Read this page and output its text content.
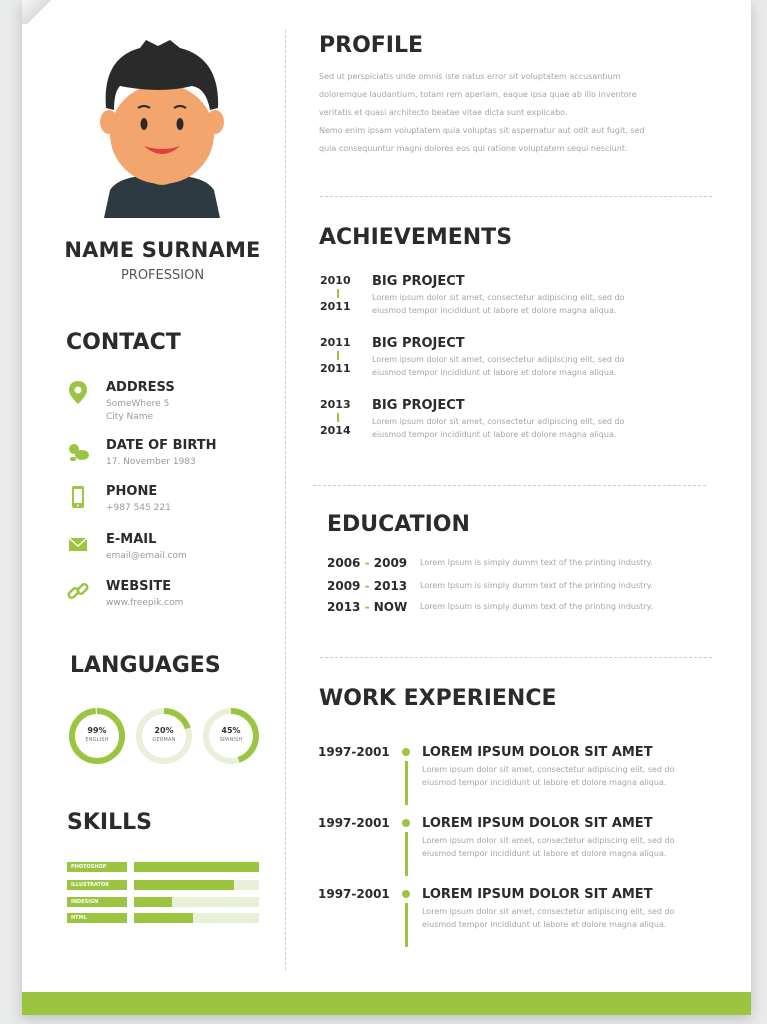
NAME SURNAME
PROFESSION
CONTACT
ADDRESS
SomeWhere 5
City Name
DATE OF BIRTH
17. November 1983
PHONE
+987 545 221
E-MAIL
email@email.com
WEBSITE
www.freepik.com
LANGUAGES
99%
ENGLISH
20%
GERMAN
45%
SPANISH
SKILLS
PHOTOSHOP
ILLUSTRATOR
INDESIGN
HTML
PROFILE
Sed ut perspiciatis unde omnis iste natus error sit voluptatem accusantium
doloremque laudantium, totam rem aperiam, eaque ipsa quae ab illo inventore
veritatis et quasi architecto beatae vitae dicta sunt explicabo.
Nemo enim ipsam voluptatem quia voluptas sit aspernatur aut odit aut fugit, sed
quia consequuntur magni dolores eos qui ratione voluptatem sequi nesciunt.
ACHIEVEMENTS
2010
2011
BIG PROJECT
Lorem ipsum dolor sit amet, consectetur adipiscing elit, sed do
eiusmod tempor incididunt ut labore et dolore magna aliqua.
2011
2011
BIG PROJECT
Lorem ipsum dolor sit amet, consectetur adipiscing elit, sed do
eiusmod tempor incididunt ut labore et dolore magna aliqua.
2013
2014
BIG PROJECT
Lorem ipsum dolor sit amet, consectetur adipiscing elit, sed do
eiusmod tempor incididunt ut labore et dolore magna aliqua.
EDUCATION
2006 - 2009 Lorem Ipsum is simply dumm text of the printing industry.
2009 - 2013 Lorem Ipsum is simply dumm text of the printing industry.
2013 - NOW Lorem Ipsum is simply dumm text of the printing industry.
WORK EXPERIENCE
1997-2001 LOREM IPSUM DOLOR SIT AMET
Lorem ipsum dolor sit amet, consectetur adipiscing elit, sed do
eiusmod tempor incididunt ut labore et dolore magna aliqua.
1997-2001 LOREM IPSUM DOLOR SIT AMET
Lorem ipsum dolor sit amet, consectetur adipiscing elit, sed do
eiusmod tempor incididunt ut labore et dolore magna aliqua.
1997-2001 LOREM IPSUM DOLOR SIT AMET
Lorem ipsum dolor sit amet, consectetur adipiscing elit, sed do
eiusmod tempor incididunt ut labore et dolore magna aliqua.
